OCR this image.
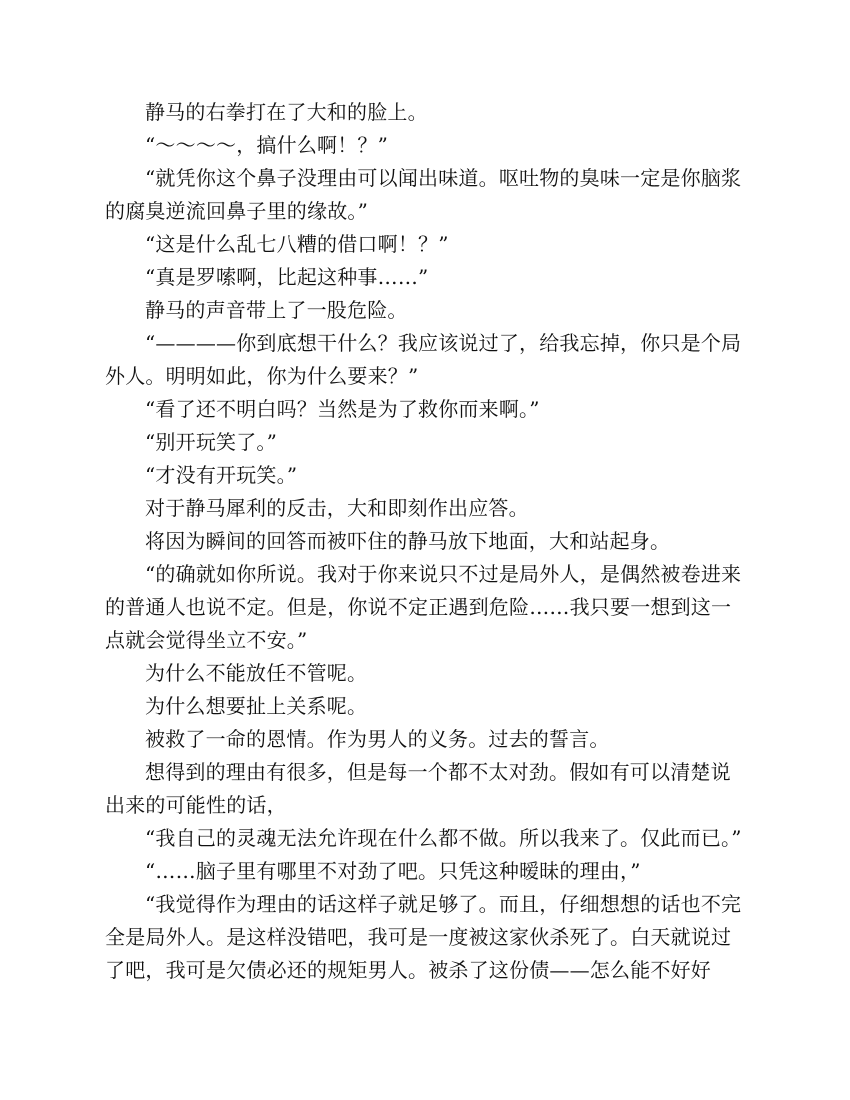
静马的右拳打在了大和的脸上。

“～～～～，搞什么啊！？”

“就凭你这个鼻子没理由可以闻出味道。呕吐物的臭味一定是你脑浆的腐臭逆流回鼻子里的缘故。”

“这是什么乱七八糟的借口啊！？”

“真是罗嗦啊，比起这种事……”

静马的声音带上了一股危险。

“————你到底想干什么？我应该说过了，给我忘掉，你只是个局外人。明明如此，你为什么要来？”

“看了还不明白吗？当然是为了救你而来啊。”

“别开玩笑了。”

“才没有开玩笑。”

对于静马犀利的反击，大和即刻作出应答。

将因为瞬间的回答而被吓住的静马放下地面，大和站起身。

“的确就如你所说。我对于你来说只不过是局外人，是偶然被卷进来的普通人也说不定。但是，你说不定正遇到危险……我只要一想到这一点就会觉得坐立不安。”

为什么不能放任不管呢。

为什么想要扯上关系呢。

被救了一命的恩情。作为男人的义务。过去的誓言。

想得到的理由有很多，但是每一个都不太对劲。假如有可以清楚说出来的可能性的话，

“我自己的灵魂无法允许现在什么都不做。所以我来了。仅此而已。”

“……脑子里有哪里不对劲了吧。只凭这种暧昧的理由，”

“我觉得作为理由的话这样子就足够了。而且，仔细想想的话也不完全是局外人。是这样没错吧，我可是一度被这家伙杀死了。白天就说过了吧，我可是欠债必还的规矩男人。被杀了这份债——怎么能不好好
